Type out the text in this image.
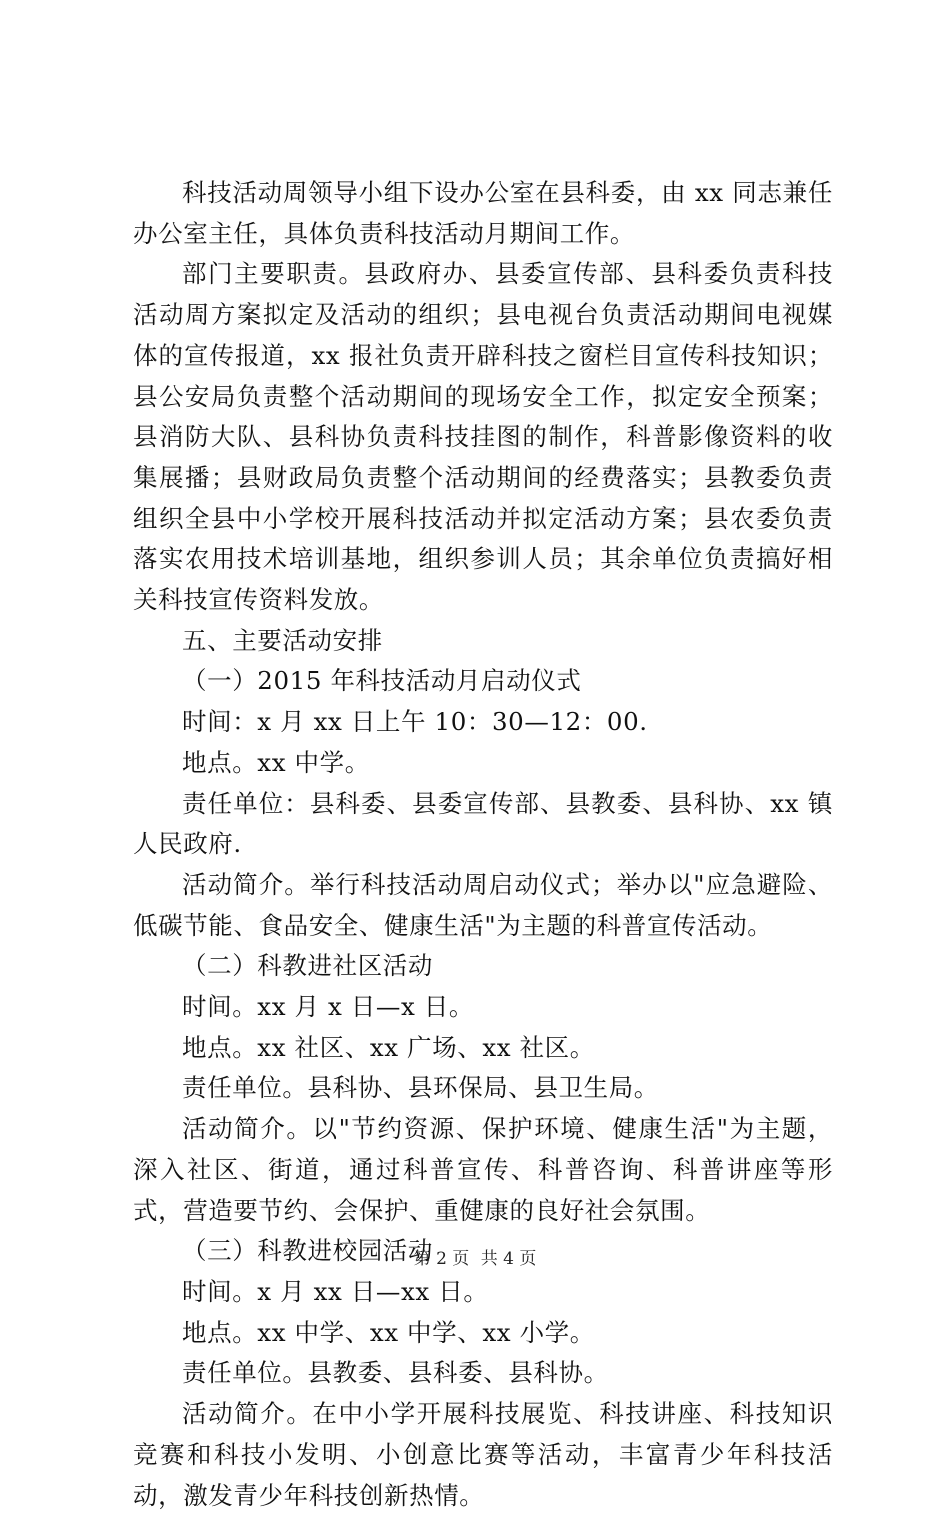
科技活动周领导小组下设办公室在县科委，由 xx 同志兼任办公室主任，具体负责科技活动月期间工作。

部门主要职责。县政府办、县委宣传部、县科委负责科技活动周方案拟定及活动的组织；县电视台负责活动期间电视媒体的宣传报道，xx 报社负责开辟科技之窗栏目宣传科技知识；县公安局负责整个活动期间的现场安全工作，拟定安全预案；县消防大队、县科协负责科技挂图的制作，科普影像资料的收集展播；县财政局负责整个活动期间的经费落实；县教委负责组织全县中小学校开展科技活动并拟定活动方案；县农委负责落实农用技术培训基地，组织参训人员；其余单位负责搞好相关科技宣传资料发放。

五、主要活动安排

（一）2015 年科技活动月启动仪式

时间：x 月 xx 日上午 10：30—12：00.

地点。xx 中学。

责任单位：县科委、县委宣传部、县教委、县科协、xx 镇人民政府.

活动简介。举行科技活动周启动仪式；举办以"应急避险、低碳节能、食品安全、健康生活"为主题的科普宣传活动。

（二）科教进社区活动

时间。xx 月 x 日—x 日。

地点。xx 社区、xx 广场、xx 社区。

责任单位。县科协、县环保局、县卫生局。

活动简介。以"节约资源、保护环境、健康生活"为主题，深入社区、街道，通过科普宣传、科普咨询、科普讲座等形式，营造要节约、会保护、重健康的良好社会氛围。

（三）科教进校园活动

时间。x 月 xx 日—xx 日。

地点。xx 中学、xx 中学、xx 小学。

责任单位。县教委、县科委、县科协。

活动简介。在中小学开展科技展览、科技讲座、科技知识竞赛和科技小发明、小创意比赛等活动，丰富青少年科技活动，激发青少年科技创新热情。

第 2 页 共 4 页
